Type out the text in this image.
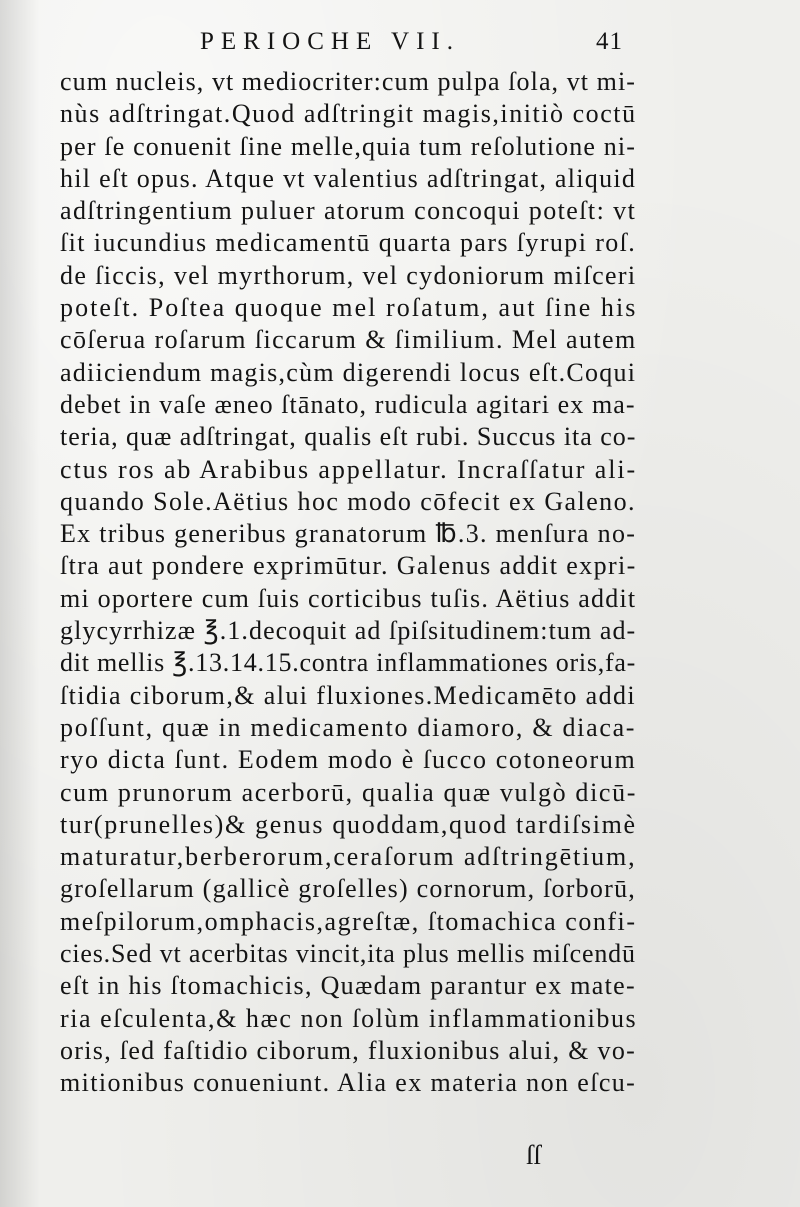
PERIOCHE VII.	41
cum nucleis, vt mediocriter:cum pulpa ſola, vt mi-
nùs adſtringat.Quod adſtringit magis,initiò coctū
per ſe conuenit ſine melle,quia tum reſolutione ni-
hil eſt opus. Atque vt valentius adſtringat, aliquid
adſtringentium puluer atorum concoqui poteſt: vt
ſit iucundius medicamentū quarta pars ſyrupi roſ.
de ſiccis, vel myrthorum, vel cydoniorum miſceri
poteſt. Poſtea quoque mel roſatum, aut ſine his
cōſerua roſarum ſiccarum & ſimilium. Mel autem
adiiciendum magis,cùm digerendi locus eſt.Coqui
debet in vaſe æneo ſtānato, rudicula agitari ex ma-
teria, quæ adſtringat, qualis eſt rubi. Succus ita co-
ctus ros ab Arabibus appellatur. Incraſſatur ali-
quando Sole.Aëtius hoc modo cōfecit ex Galeno.
Ex tribus generibus granatorum ℔.3. menſura no-
ſtra aut pondere exprimūtur. Galenus addit expri-
mi oportere cum ſuis corticibus tuſis. Aëtius addit
glycyrrhizæ ℥.1.decoquit ad ſpiſsitudinem:tum ad-
dit mellis ℥.13.14.15.contra inflammationes oris,fa-
ſtidia ciborum,& alui fluxiones.Medicamēto addi
poſſunt, quæ in medicamento diamoro, & diaca-
ryo dicta ſunt. Eodem modo è ſucco cotoneorum
cum prunorum acerborū, qualia quæ vulgò dicū-
tur(prunelles)& genus quoddam,quod tardiſsimè
maturatur,berberorum,ceraſorum adſtringētium,
groſellarum (gallicè groſelles) cornorum, ſorborū,
meſpilorum,omphacis,agreſtæ, ſtomachica confi-
cies.Sed vt acerbitas vincit,ita plus mellis miſcendū
eſt in his ſtomachicis, Quædam parantur ex mate-
ria eſculenta,& hæc non ſolùm inflammationibus
oris, ſed faſtidio ciborum, fluxionibus alui, & vo-
mitionibus conueniunt. Alia ex materia non eſcu-
ſſ
